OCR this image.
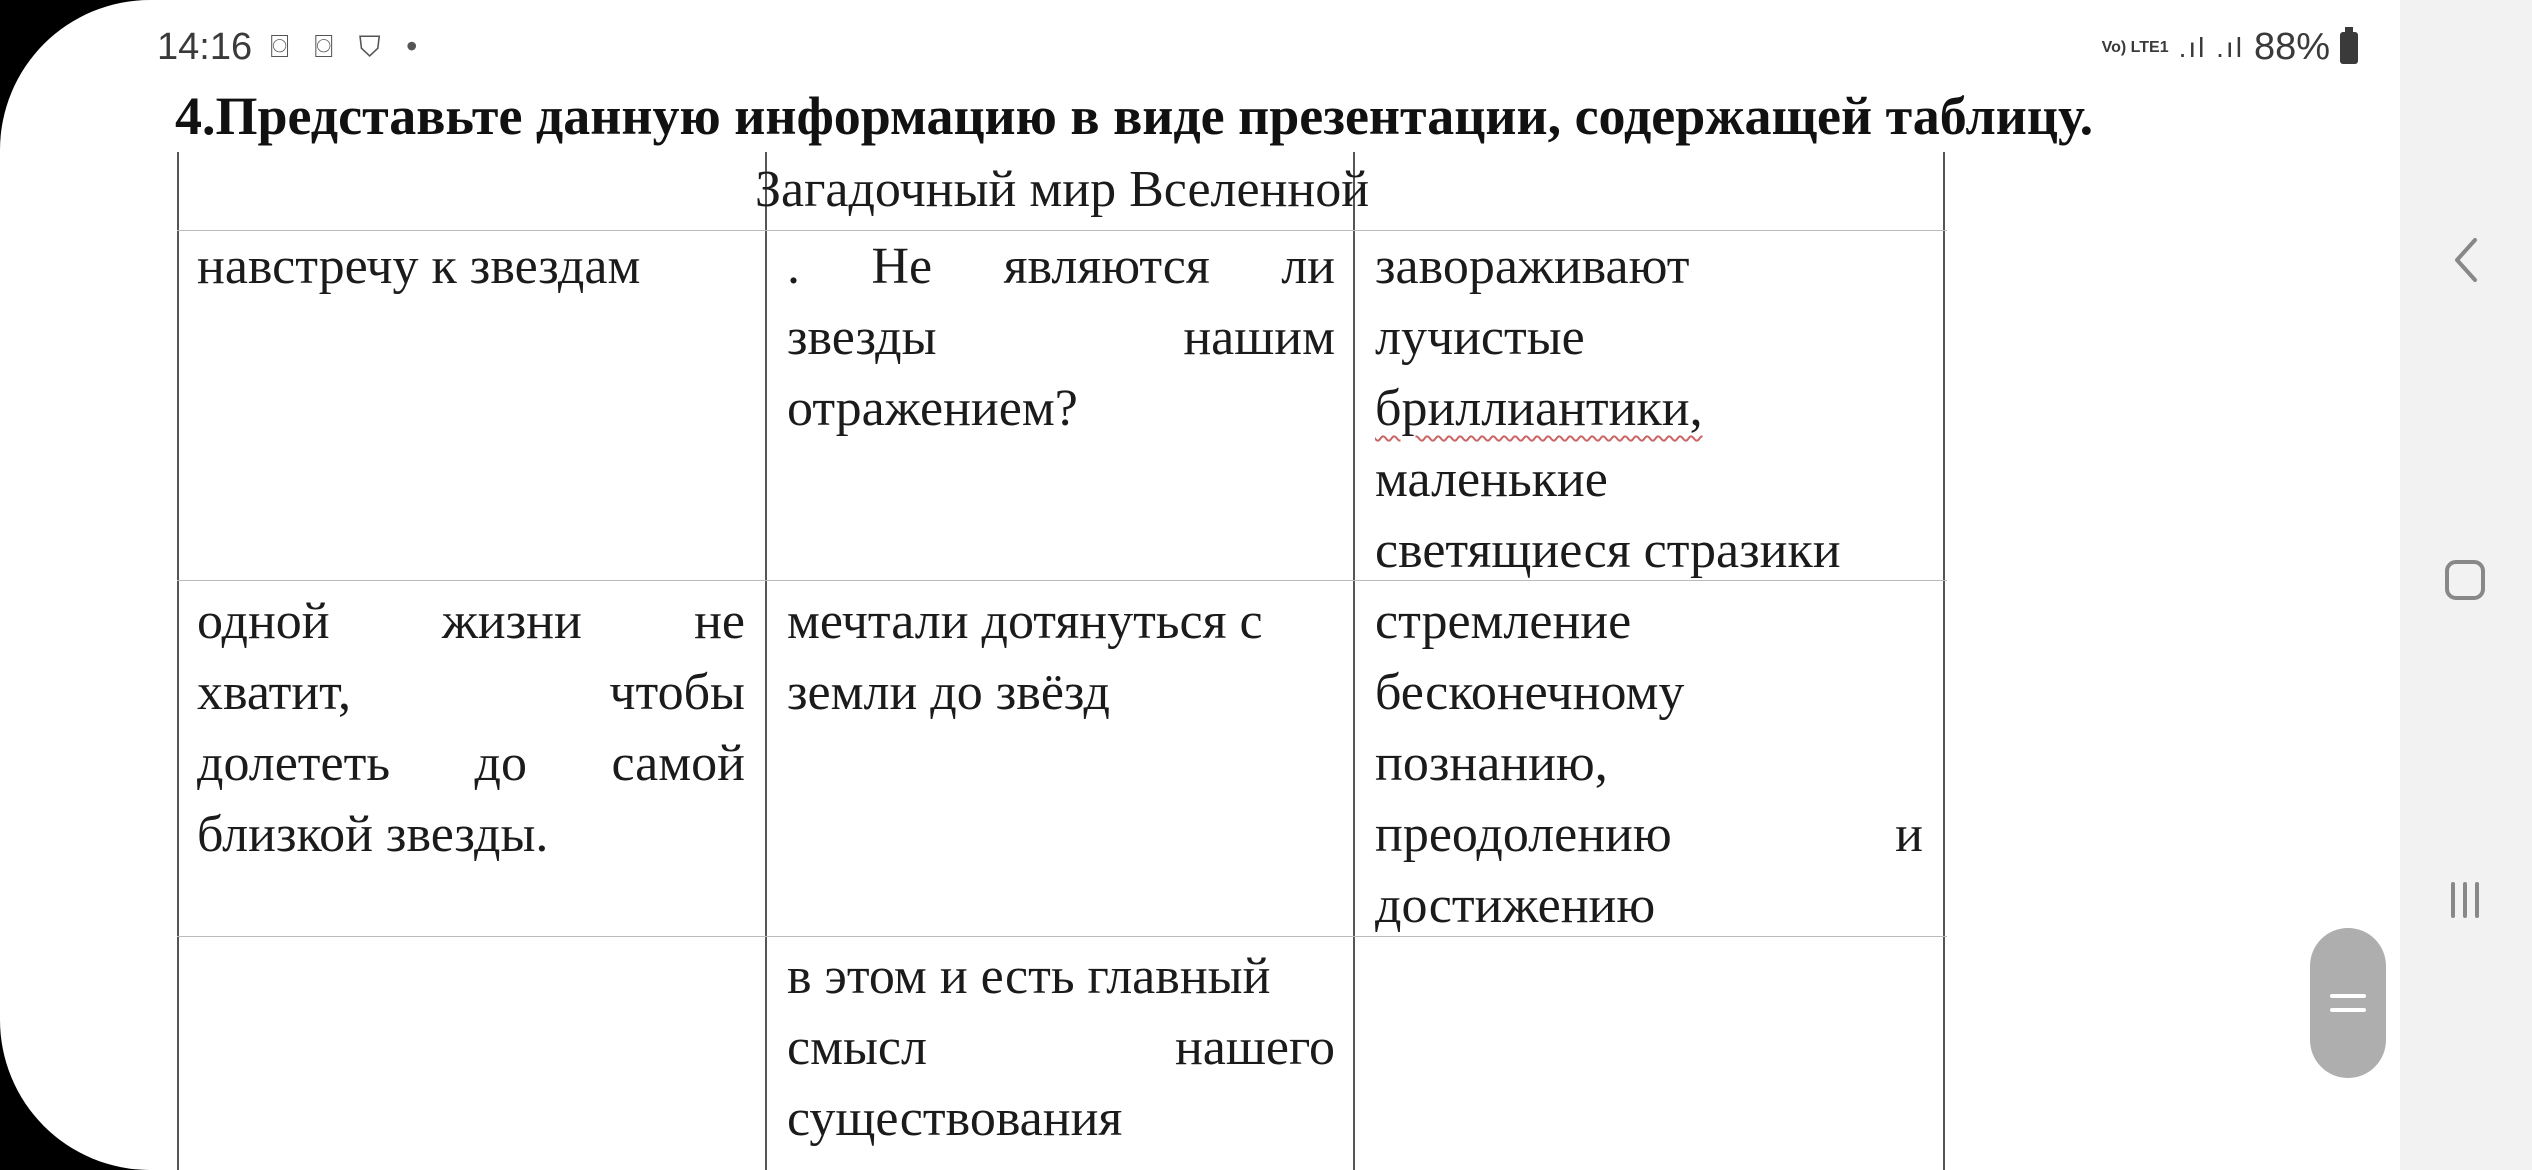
14:16 ⌼ ⌼ ⛉ •	Vo) LTE1 .ıl .ıl 88%
4.Представьте данную информацию в виде презентации, содержащей таблицу.
Загадочный мир Вселенной
навстречу к звездам	. Не являются ли
звезды нашим
отражением?
завораживают
лучистые
бриллиантики,
маленькие
светящиеся стразики
одной жизни не
хватит, чтобы
долететь до самой
близкой звезды.
мечтали дотянуться с
земли до звёзд
стремление
бесконечному
познанию,
преодолению и
достижению
в этом и есть главный
смысл нашего
существования
